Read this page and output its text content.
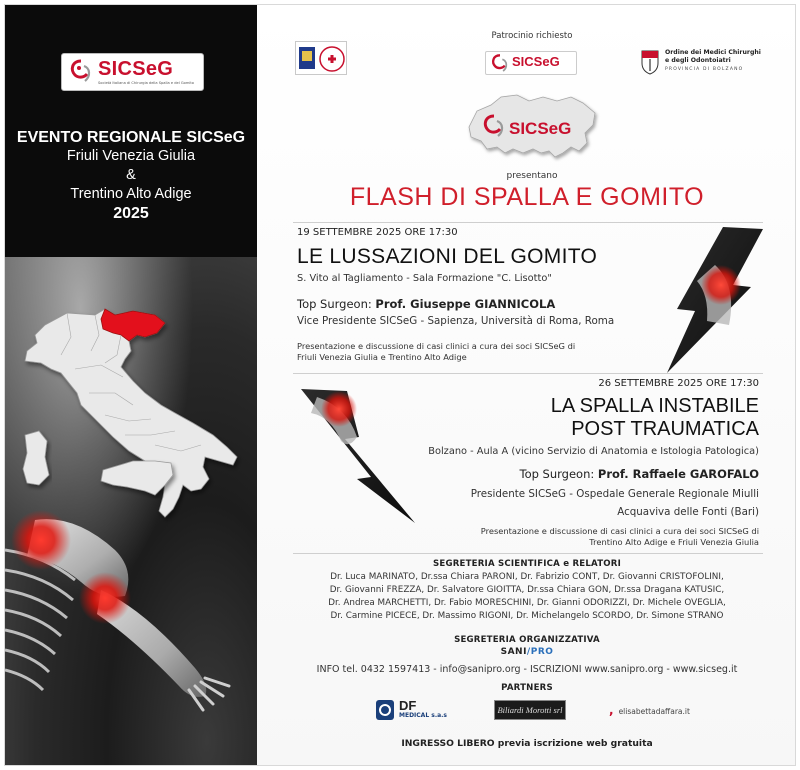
SICSeG
Società Italiana di Chirurgia della Spalla e del Gomito
EVENTO REGIONALE SICSeG
Friuli Venezia Giulia
&
Trentino Alto Adige
2025
Patrocinio richiesto
SICSeG
Ordine dei Medici Chirurghi
e degli Odontoiatri
PROVINCIA DI BOLZANO
SICSeG
presentano
FLASH DI SPALLA E GOMITO
19 SETTEMBRE 2025 ORE 17:30
LE LUSSAZIONI DEL GOMITO
S. Vito al Tagliamento - Sala Formazione "C. Lisotto"
Top Surgeon: Prof. Giuseppe GIANNICOLA
Vice Presidente SICSeG - Sapienza, Università di Roma, Roma
Presentazione e discussione di casi clinici a cura dei soci SICSeG di
Friuli Venezia Giulia e Trentino Alto Adige
26 SETTEMBRE 2025 ORE 17:30
LA SPALLA INSTABILE
POST TRAUMATICA
Bolzano - Aula A (vicino Servizio di Anatomia e Istologia Patologica)
Top Surgeon: Prof. Raffaele GAROFALO
Presidente SICSeG - Ospedale Generale Regionale Miulli
Acquaviva delle Fonti (Bari)
Presentazione e discussione di casi clinici a cura dei soci SICSeG di
Trentino Alto Adige e Friuli Venezia Giulia
SEGRETERIA SCIENTIFICA e RELATORI
Dr. Luca MARINATO, Dr.ssa Chiara PARONI, Dr. Fabrizio CONT, Dr. Giovanni CRISTOFOLINI,
Dr. Giovanni FREZZA, Dr. Salvatore GIOITTA, Dr.ssa Chiara GON, Dr.ssa Dragana KATUSIC,
Dr. Andrea MARCHETTI, Dr. Fabio MORESCHINI, Dr. Gianni ODORIZZI, Dr. Michele OVEGLIA,
Dr. Carmine PICECE, Dr. Massimo RIGONI, Dr. Michelangelo SCORDO, Dr. Simone STRANO
SEGRETERIA ORGANIZZATIVA
SANI/PRO
INFO tel. 0432 1597413 - info@sanipro.org - ISCRIZIONI www.sanipro.org - www.sicseg.it
PARTNERS
DF
MEDICAL s.a.s
Biliardi Morotti srl	, elisabettadaffara.it
INGRESSO LIBERO previa iscrizione web gratuita
